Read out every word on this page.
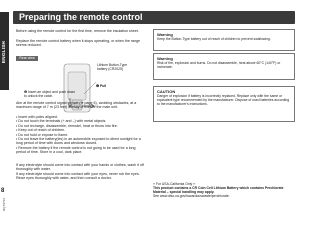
ENGLISH
8
RQT9736
Preparing the remote control
Before using the remote control for the first time, remove the insulation sheet.
Replace the remote control battery when it stops operating, or when the range seems reduced.
Rear view
Lithium Button-Type battery (CR2025)
❷ Pull
❶ Insert an object and push down to unlock the catch.
Aim at the remote control signal sensor (➡ page 6), avoiding obstacles, at a maximum range of 7 m (23 feet) directly in front of the main unit.
• Insert with poles aligned.
• Do not touch the terminals (+ and –) with metal objects.
• Do not recharge, disassemble, remodel, heat or throw into fire.
• Keep out of reach of children.
• Do not hold or expose to flame.
• Do not leave the battery(ies) in an automobile exposed to direct sunlight for a long period of time with doors and windows closed.
• Remove the battery if the remote control is not going to be used for a long period of time. Store in a cool, dark place.
If any electrolyte should come into contact with your hands or clothes, wash it off thoroughly with water.
If any electrolyte should come into contact with your eyes, never rub the eyes.
Rinse eyes thoroughly with water, and then consult a doctor.
Warning
Keep the Button-Type battery out of reach of children to prevent swallowing.
Warning
Risk of fire, explosion and burns. Do not disassemble, heat above 60°C (140°F) or incinerate.
CAUTION
Danger of explosion if battery is incorrectly replaced. Replace only with the same or equivalent type recommended by the manufacturer. Dispose of used batteries according to the manufacturer's instructions.
« For USA-California Only »
This product contains a CR Coin Cell Lithium Battery which contains Perchlorate Material – special handling may apply.
See www.dtsc.ca.gov/hazardouswaste/perchlorate.
